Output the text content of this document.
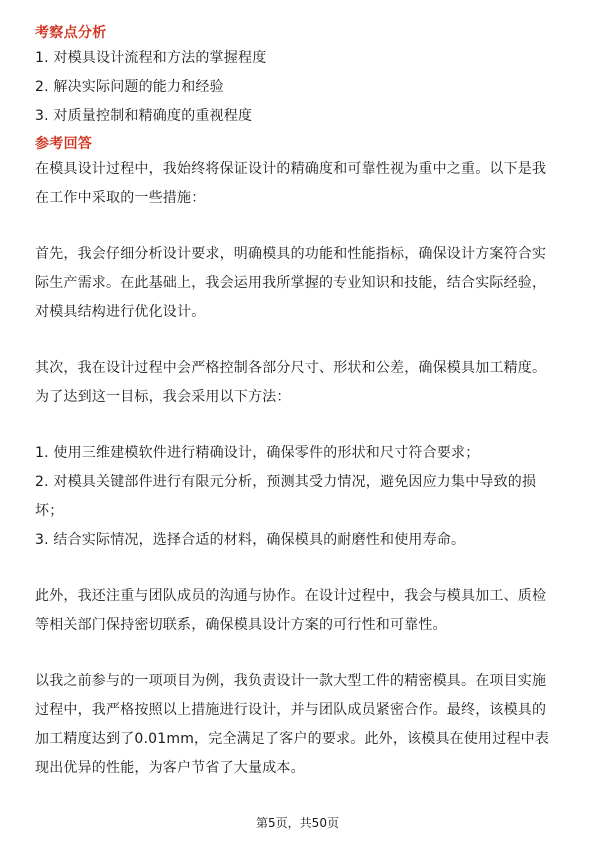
考察点分析

1. 对模具设计流程和方法的掌握程度

2. 解决实际问题的能力和经验

3. 对质量控制和精确度的重视程度

参考回答

在模具设计过程中，我始终将保证设计的精确度和可靠性视为重中之重。以下是我

在工作中采取的一些措施：

首先，我会仔细分析设计要求，明确模具的功能和性能指标，确保设计方案符合实

际生产需求。在此基础上，我会运用我所掌握的专业知识和技能，结合实际经验，

对模具结构进行优化设计。

其次，我在设计过程中会严格控制各部分尺寸、形状和公差，确保模具加工精度。

为了达到这一目标，我会采用以下方法：

1. 使用三维建模软件进行精确设计，确保零件的形状和尺寸符合要求；

2. 对模具关键部件进行有限元分析，预测其受力情况，避免因应力集中导致的损

坏；

3. 结合实际情况，选择合适的材料，确保模具的耐磨性和使用寿命。

此外，我还注重与团队成员的沟通与协作。在设计过程中，我会与模具加工、质检

等相关部门保持密切联系，确保模具设计方案的可行性和可靠性。

以我之前参与的一项项目为例，我负责设计一款大型工件的精密模具。在项目实施

过程中，我严格按照以上措施进行设计，并与团队成员紧密合作。最终，该模具的

加工精度达到了0.01mm，完全满足了客户的要求。此外，该模具在使用过程中表

现出优异的性能，为客户节省了大量成本。

第5页，共50页
